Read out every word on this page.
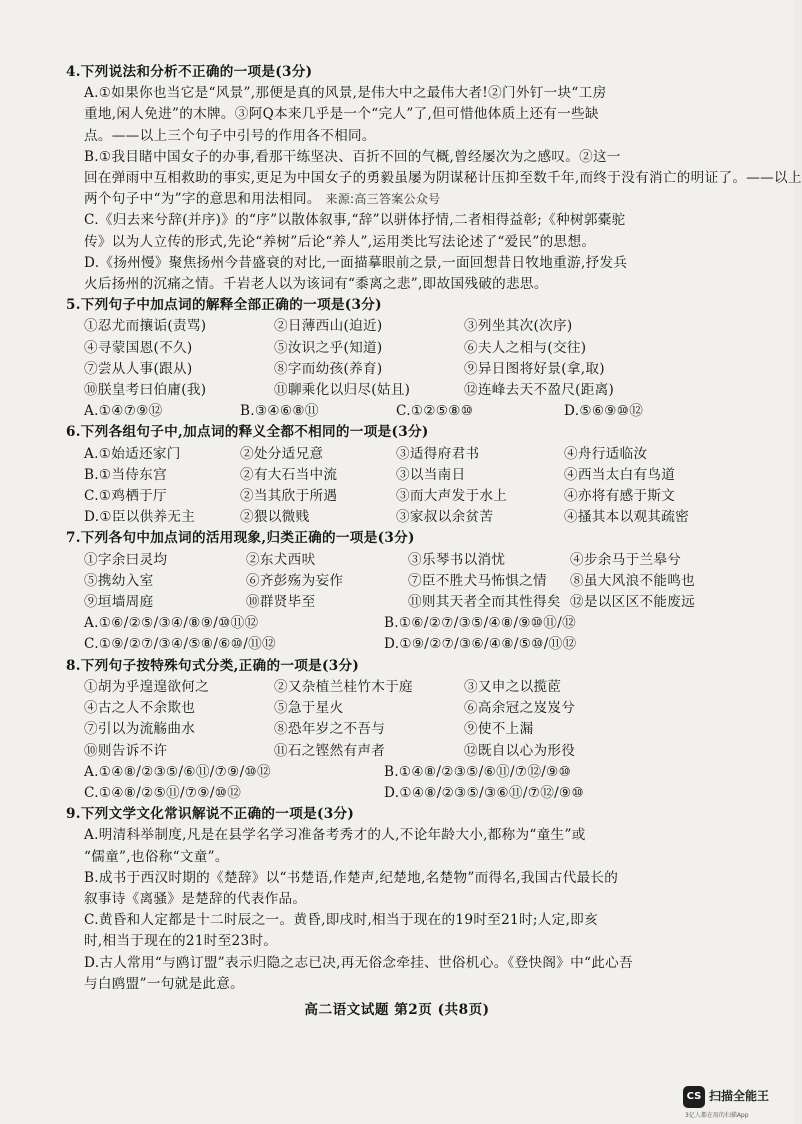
4.下列说法和分析不正确的一项是(3分)
A.①如果你也当它是“风景”,那便是真的风景,是伟大中之最伟大者!②门外钉一块“工房
重地,闲人免进”的木牌。③阿Q本来几乎是一个“完人”了,但可惜他体质上还有一些缺
点。——以上三个句子中引号的作用各不相同。
B.①我目睹中国女子的办事,看那干练坚决、百折不回的气概,曾经屡次为之感叹。②这一
回在弹雨中互相救助的事实,更足为中国女子的勇毅虽屡为阴谋秘计压抑至数千年,而终于没有消亡的明证了。——以上
两个句子中“为”字的意思和用法相同。 来源:高三答案公众号
C.《归去来兮辞(并序)》的“序”以散体叙事,“辞”以骈体抒情,二者相得益彰;《种树郭橐驼
传》以为人立传的形式,先论“养树”后论“养人”,运用类比写法论述了“爱民”的思想。
D.《扬州慢》聚焦扬州今昔盛衰的对比,一面描摹眼前之景,一面回想昔日牧地重游,抒发兵
火后扬州的沉痛之情。千岩老人以为该词有“黍离之悲”,即故国残破的悲思。
5.下列句子中加点词的解释全部正确的一项是(3分)
①忍尤而攘诟(责骂)	②日薄西山(迫近)	③列坐其次(次序)
④寻蒙国恩(不久)	⑤汝识之乎(知道)	⑥夫人之相与(交往)
⑦尝从人事(跟从)	⑧字而幼孩(养育)	⑨异日图将好景(拿,取)
⑩朕皇考曰伯庸(我)	⑪聊乘化以归尽(姑且)	⑫连峰去天不盈尺(距离)
A.①④⑦⑨⑫	B.③④⑥⑧⑪	C.①②⑤⑧⑩	D.⑤⑥⑨⑩⑫
6.下列各组句子中,加点词的释义全都不相同的一项是(3分)
A.①始适还家门	②处分适兄意	③适得府君书	④舟行适临汝
B.①当侍东宫	②有大石当中流	③以当南日	④西当太白有鸟道
C.①鸡栖于厅	②当其欣于所遇	③而大声发于水上	④亦将有感于斯文
D.①臣以供养无主	②猥以微贱	③家叔以余贫苦	④搔其本以观其疏密
7.下列各句中加点词的活用现象,归类正确的一项是(3分)
①字余曰灵均	②东犬西吠	③乐琴书以消忧	④步余马于兰皋兮
⑤携幼入室	⑥齐彭殇为妄作	⑦臣不胜犬马怖惧之情	⑧虽大风浪不能鸣也
⑨垣墙周庭	⑩群贤毕至	⑪则其天者全而其性得矣 ⑫是以区区不能废远
A.①⑥/②⑤/③④/⑧⑨/⑩⑪⑫	B.①⑥/②⑦/③⑤/④⑧/⑨⑩⑪/⑫
C.①⑨/②⑦/③④/⑤⑧/⑥⑩/⑪⑫	D.①⑨/②⑦/③⑥/④⑧/⑤⑩/⑪⑫
8.下列句子按特殊句式分类,正确的一项是(3分)
①胡为乎遑遑欲何之	②又杂植兰桂竹木于庭	③又申之以揽茝
④古之人不余欺也	⑤急于星火	⑥高余冠之岌岌兮
⑦引以为流觞曲水	⑧恐年岁之不吾与	⑨使不上漏
⑩则告诉不许	⑪石之铿然有声者	⑫既自以心为形役
A.①④⑧/②③⑤/⑥⑪/⑦⑨/⑩⑫	B.①④⑧/②③⑤/⑥⑪/⑦⑫/⑨⑩
C.①④⑧/②⑤⑪/⑦⑨/⑩⑫	D.①④⑧/②③⑤/③⑥⑪/⑦⑫/⑨⑩
9.下列文学文化常识解说不正确的一项是(3分)
A.明清科举制度,凡是在县学名学习准备考秀才的人,不论年龄大小,都称为“童生”或
“儒童”,也俗称“文童”。
B.成书于西汉时期的《楚辞》以“书楚语,作楚声,纪楚地,名楚物”而得名,我国古代最长的
叙事诗《离骚》是楚辞的代表作品。
C.黄昏和人定都是十二时辰之一。黄昏,即戌时,相当于现在的19时至21时;人定,即亥
时,相当于现在的21时至23时。
D.古人常用“与鸥订盟”表示归隐之志已决,再无俗念牵挂、世俗机心。《登快阁》中“此心吾
与白鸥盟”一句就是此意。
高二语文试题 第2页 (共8页)
CS 扫描全能王
3亿人都在用的扫描App
